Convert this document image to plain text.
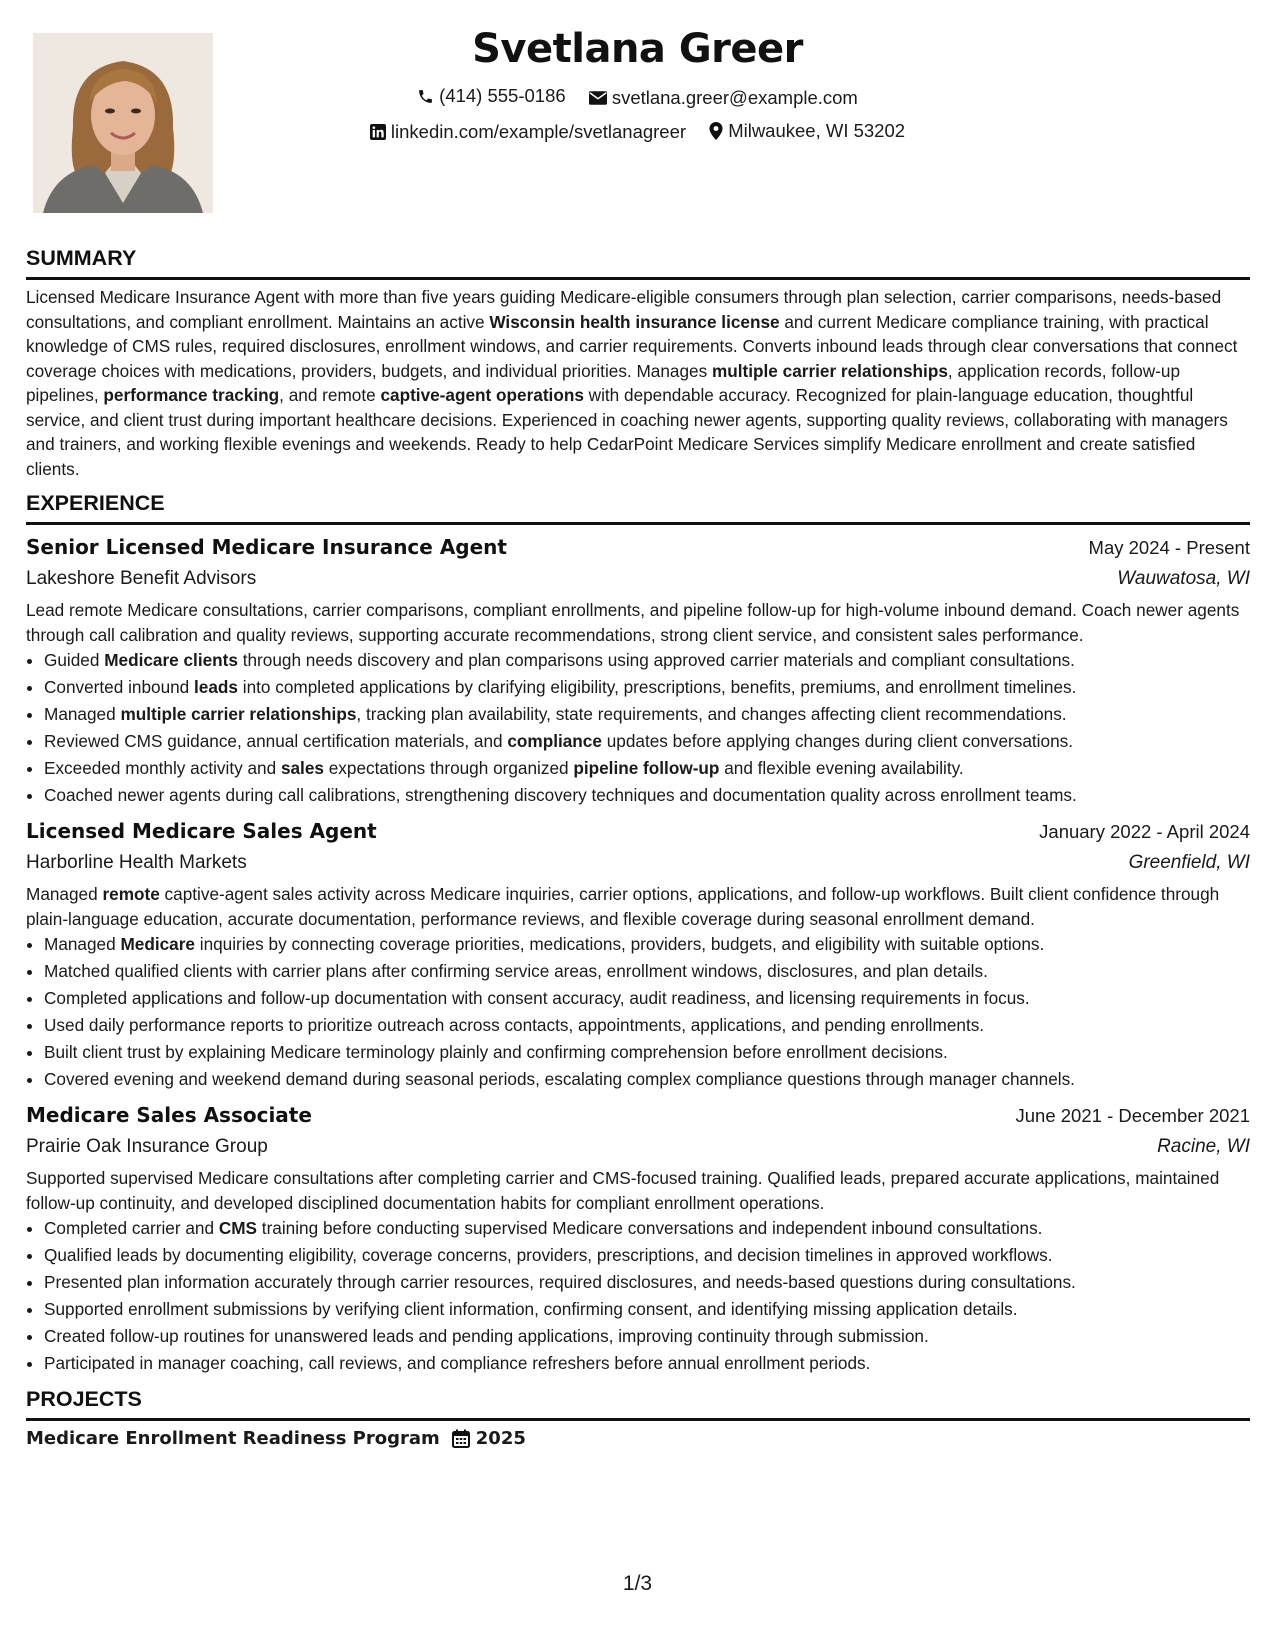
Svetlana Greer
(414) 555-0186
svetlana.greer@example.com
linkedin.com/example/svetlanagreer
Milwaukee, WI 53202
SUMMARY

Licensed Medicare Insurance Agent with more than five years guiding Medicare-eligible consumers through plan selection, carrier comparisons, needs-based consultations, and compliant enrollment. Maintains an active Wisconsin health insurance license and current Medicare compliance training, with practical knowledge of CMS rules, required disclosures, enrollment windows, and carrier requirements. Converts inbound leads through clear conversations that connect coverage choices with medications, providers, budgets, and individual priorities. Manages multiple carrier relationships, application records, follow-up pipelines, performance tracking, and remote captive-agent operations with dependable accuracy. Recognized for plain-language education, thoughtful service, and client trust during important healthcare decisions. Experienced in coaching newer agents, supporting quality reviews, collaborating with managers and trainers, and working flexible evenings and weekends. Ready to help CedarPoint Medicare Services simplify Medicare enrollment and create satisfied clients.

EXPERIENCE
Senior Licensed Medicare Insurance Agent	May 2024 - Present
Lakeshore Benefit Advisors	Wauwatosa, WI

Lead remote Medicare consultations, carrier comparisons, compliant enrollments, and pipeline follow-up for high-volume inbound demand. Coach newer agents through call calibration and quality reviews, supporting accurate recommendations, strong client service, and consistent sales performance.

• Guided Medicare clients through needs discovery and plan comparisons using approved carrier materials and compliant consultations.
• Converted inbound leads into completed applications by clarifying eligibility, prescriptions, benefits, premiums, and enrollment timelines.
• Managed multiple carrier relationships, tracking plan availability, state requirements, and changes affecting client recommendations.
• Reviewed CMS guidance, annual certification materials, and compliance updates before applying changes during client conversations.
• Exceeded monthly activity and sales expectations through organized pipeline follow-up and flexible evening availability.
• Coached newer agents during call calibrations, strengthening discovery techniques and documentation quality across enrollment teams.
Licensed Medicare Sales Agent	January 2022 - April 2024
Harborline Health Markets	Greenfield, WI

Managed remote captive-agent sales activity across Medicare inquiries, carrier options, applications, and follow-up workflows. Built client confidence through plain-language education, accurate documentation, performance reviews, and flexible coverage during seasonal enrollment demand.

• Managed Medicare inquiries by connecting coverage priorities, medications, providers, budgets, and eligibility with suitable options.
• Matched qualified clients with carrier plans after confirming service areas, enrollment windows, disclosures, and plan details.
• Completed applications and follow-up documentation with consent accuracy, audit readiness, and licensing requirements in focus.
• Used daily performance reports to prioritize outreach across contacts, appointments, applications, and pending enrollments.
• Built client trust by explaining Medicare terminology plainly and confirming comprehension before enrollment decisions.
• Covered evening and weekend demand during seasonal periods, escalating complex compliance questions through manager channels.
Medicare Sales Associate	June 2021 - December 2021
Prairie Oak Insurance Group	Racine, WI

Supported supervised Medicare consultations after completing carrier and CMS-focused training. Qualified leads, prepared accurate applications, maintained follow-up continuity, and developed disciplined documentation habits for compliant enrollment operations.

• Completed carrier and CMS training before conducting supervised Medicare conversations and independent inbound consultations.
• Qualified leads by documenting eligibility, coverage concerns, providers, prescriptions, and decision timelines in approved workflows.
• Presented plan information accurately through carrier resources, required disclosures, and needs-based questions during consultations.
• Supported enrollment submissions by verifying client information, confirming consent, and identifying missing application details.
• Created follow-up routines for unanswered leads and pending applications, improving continuity through submission.
• Participated in manager coaching, call reviews, and compliance refreshers before annual enrollment periods.
PROJECTS
Medicare Enrollment Readiness Program 2025
1/3
